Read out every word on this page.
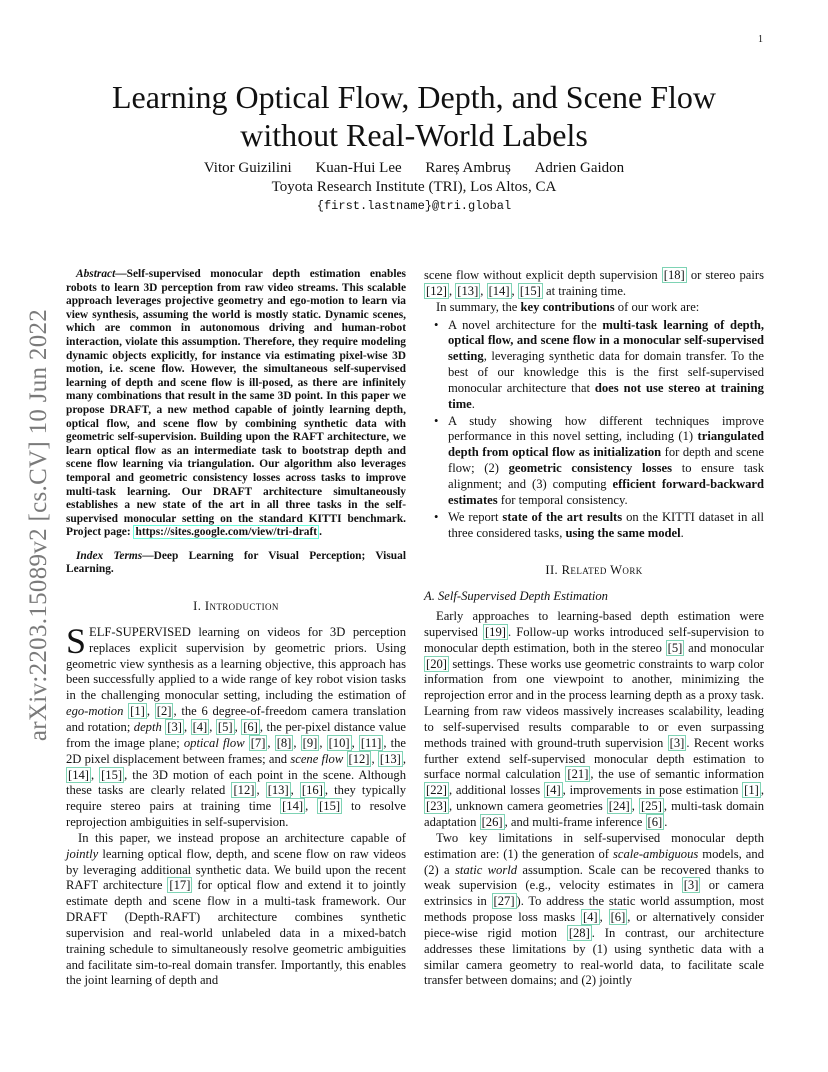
1
arXiv:2203.15089v2 [cs.CV] 10 Jun 2022
Learning Optical Flow, Depth, and Scene Flow without Real-World Labels
Vitor Guizilini Kuan-Hui Lee Rareș Ambruș Adrien Gaidon
Toyota Research Institute (TRI), Los Altos, CA
{first.lastname}@tri.global

Abstract—Self-supervised monocular depth estimation enables robots to learn 3D perception from raw video streams. This scalable approach leverages projective geometry and ego-motion to learn via view synthesis, assuming the world is mostly static. Dynamic scenes, which are common in autonomous driving and human-robot interaction, violate this assumption. Therefore, they require modeling dynamic objects explicitly, for instance via estimating pixel-wise 3D motion, i.e. scene flow. However, the simultaneous self-supervised learning of depth and scene flow is ill-posed, as there are infinitely many combinations that result in the same 3D point. In this paper we propose DRAFT, a new method capable of jointly learning depth, optical flow, and scene flow by combining synthetic data with geometric self-supervision. Building upon the RAFT architecture, we learn optical flow as an intermediate task to bootstrap depth and scene flow learning via triangulation. Our algorithm also leverages temporal and geometric consistency losses across tasks to improve multi-task learning. Our DRAFT architecture simultaneously establishes a new state of the art in all three tasks in the self-supervised monocular setting on the standard KITTI benchmark. Project page: https://sites.google.com/view/tri-draft .

Index Terms—Deep Learning for Visual Perception; Visual Learning.

I. Introduction

SELF-SUPERVISED learning on videos for 3D perception replaces explicit supervision by geometric priors. Using geometric view synthesis as a learning objective, this approach has been successfully applied to a wide range of key robot vision tasks in the challenging monocular setting, including the estimation of ego-motion [1] , [2] , the 6 degree-of-freedom camera translation and rotation; depth [3] , [4] , [5] , [6] , the per-pixel distance value from the image plane; optical flow [7] , [8] , [9] , [10] , [11] , the 2D pixel displacement between frames; and scene flow [12] , [13] , [14] , [15] , the 3D motion of each point in the scene. Although these tasks are clearly related [12] , [13] , [16] , they typically require stereo pairs at training time [14] , [15] to resolve reprojection ambiguities in self-supervision.

In this paper, we instead propose an architecture capable of jointly learning optical flow, depth, and scene flow on raw videos by leveraging additional synthetic data. We build upon the recent RAFT architecture [17] for optical flow and extend it to jointly estimate depth and scene flow in a multi-task framework. Our DRAFT (Depth-RAFT) architecture combines synthetic supervision and real-world unlabeled data in a mixed-batch training schedule to simultaneously resolve geometric ambiguities and facilitate sim-to-real domain transfer. Importantly, this enables the joint learning of depth and

scene flow without explicit depth supervision [18] or stereo pairs [12] , [13] , [14] , [15] at training time.

In summary, the key contributions of our work are:

• A novel architecture for the multi-task learning of depth, optical flow, and scene flow in a monocular self-supervised setting, leveraging synthetic data for domain transfer. To the best of our knowledge this is the first self-supervised monocular architecture that does not use stereo at training time.
• A study showing how different techniques improve performance in this novel setting, including (1) triangulated depth from optical flow as initialization for depth and scene flow; (2) geometric consistency losses to ensure task alignment; and (3) computing efficient forward-backward estimates for temporal consistency.
• We report state of the art results on the KITTI dataset in all three considered tasks, using the same model.
II. Related Work
A. Self-Supervised Depth Estimation

Early approaches to learning-based depth estimation were supervised [19] . Follow-up works introduced self-supervision to monocular depth estimation, both in the stereo [5] and monocular [20] settings. These works use geometric constraints to warp color information from one viewpoint to another, minimizing the reprojection error and in the process learning depth as a proxy task. Learning from raw videos massively increases scalability, leading to self-supervised results comparable to or even surpassing methods trained with ground-truth supervision [3] . Recent works further extend self-supervised monocular depth estimation to surface normal calculation [21] , the use of semantic information [22] , additional losses [4] , improvements in pose estimation [1] , [23] , unknown camera geometries [24] , [25] , multi-task domain adaptation [26] , and multi-frame inference [6] .

Two key limitations in self-supervised monocular depth estimation are: (1) the generation of scale-ambiguous models, and (2) a static world assumption. Scale can be recovered thanks to weak supervision (e.g., velocity estimates in [3] or camera extrinsics in [27] ). To address the static world assumption, most methods propose loss masks [4] , [6] , or alternatively consider piece-wise rigid motion [28] . In contrast, our architecture addresses these limitations by (1) using synthetic data with a similar camera geometry to real-world data, to facilitate scale transfer between domains; and (2) jointly
